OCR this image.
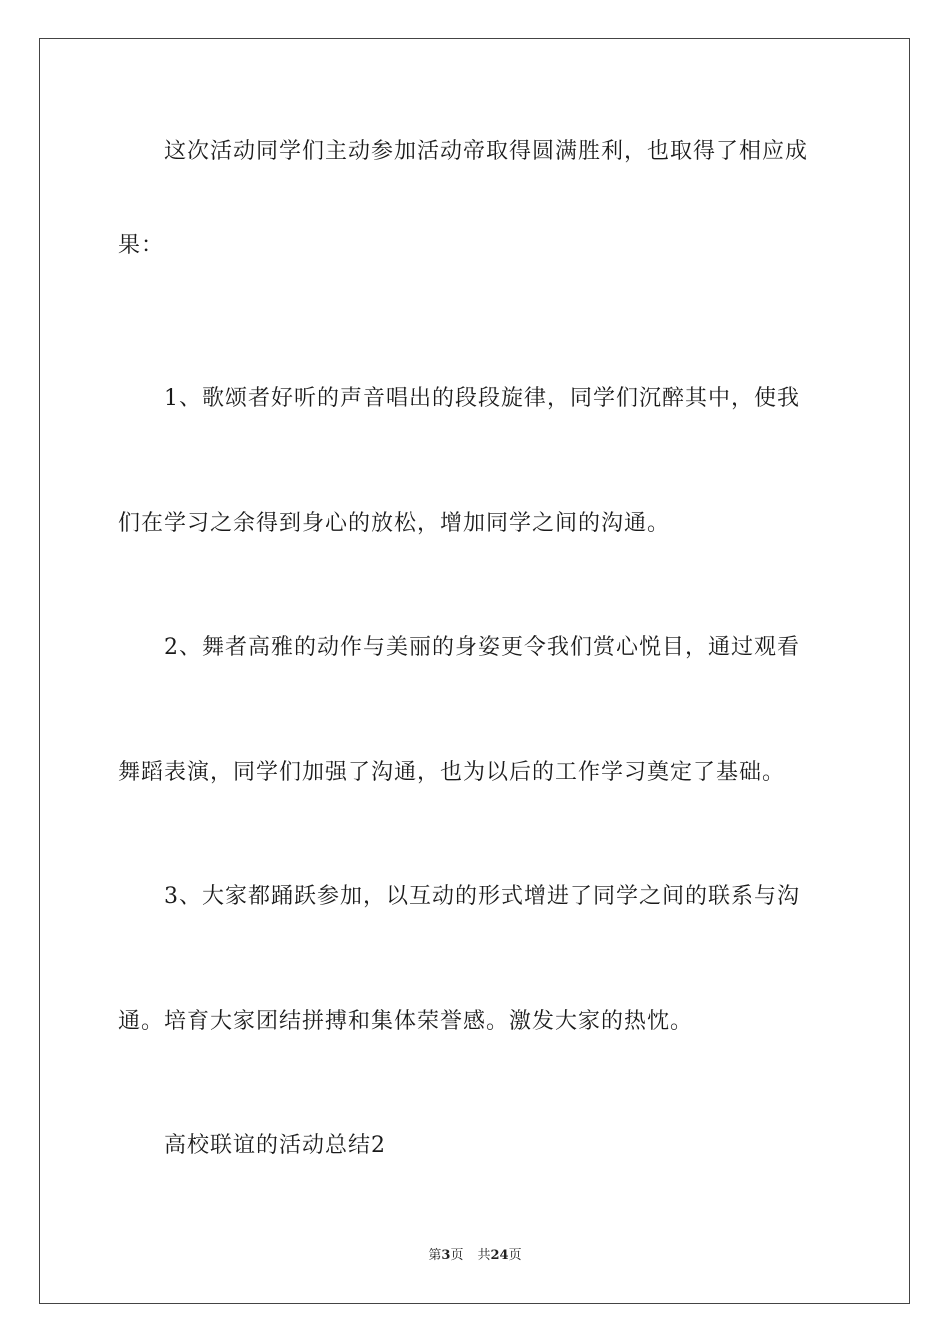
这次活动同学们主动参加活动帝取得圆满胜利，也取得了相应成
果：
1、歌颂者好听的声音唱出的段段旋律，同学们沉醉其中，使我
们在学习之余得到身心的放松，增加同学之间的沟通。
2、舞者高雅的动作与美丽的身姿更令我们赏心悦目，通过观看
舞蹈表演，同学们加强了沟通，也为以后的工作学习奠定了基础。
3、大家都踊跃参加，以互动的形式增进了同学之间的联系与沟
通。培育大家团结拼搏和集体荣誉感。激发大家的热忱。
高校联谊的活动总结2
第3页 共24页
